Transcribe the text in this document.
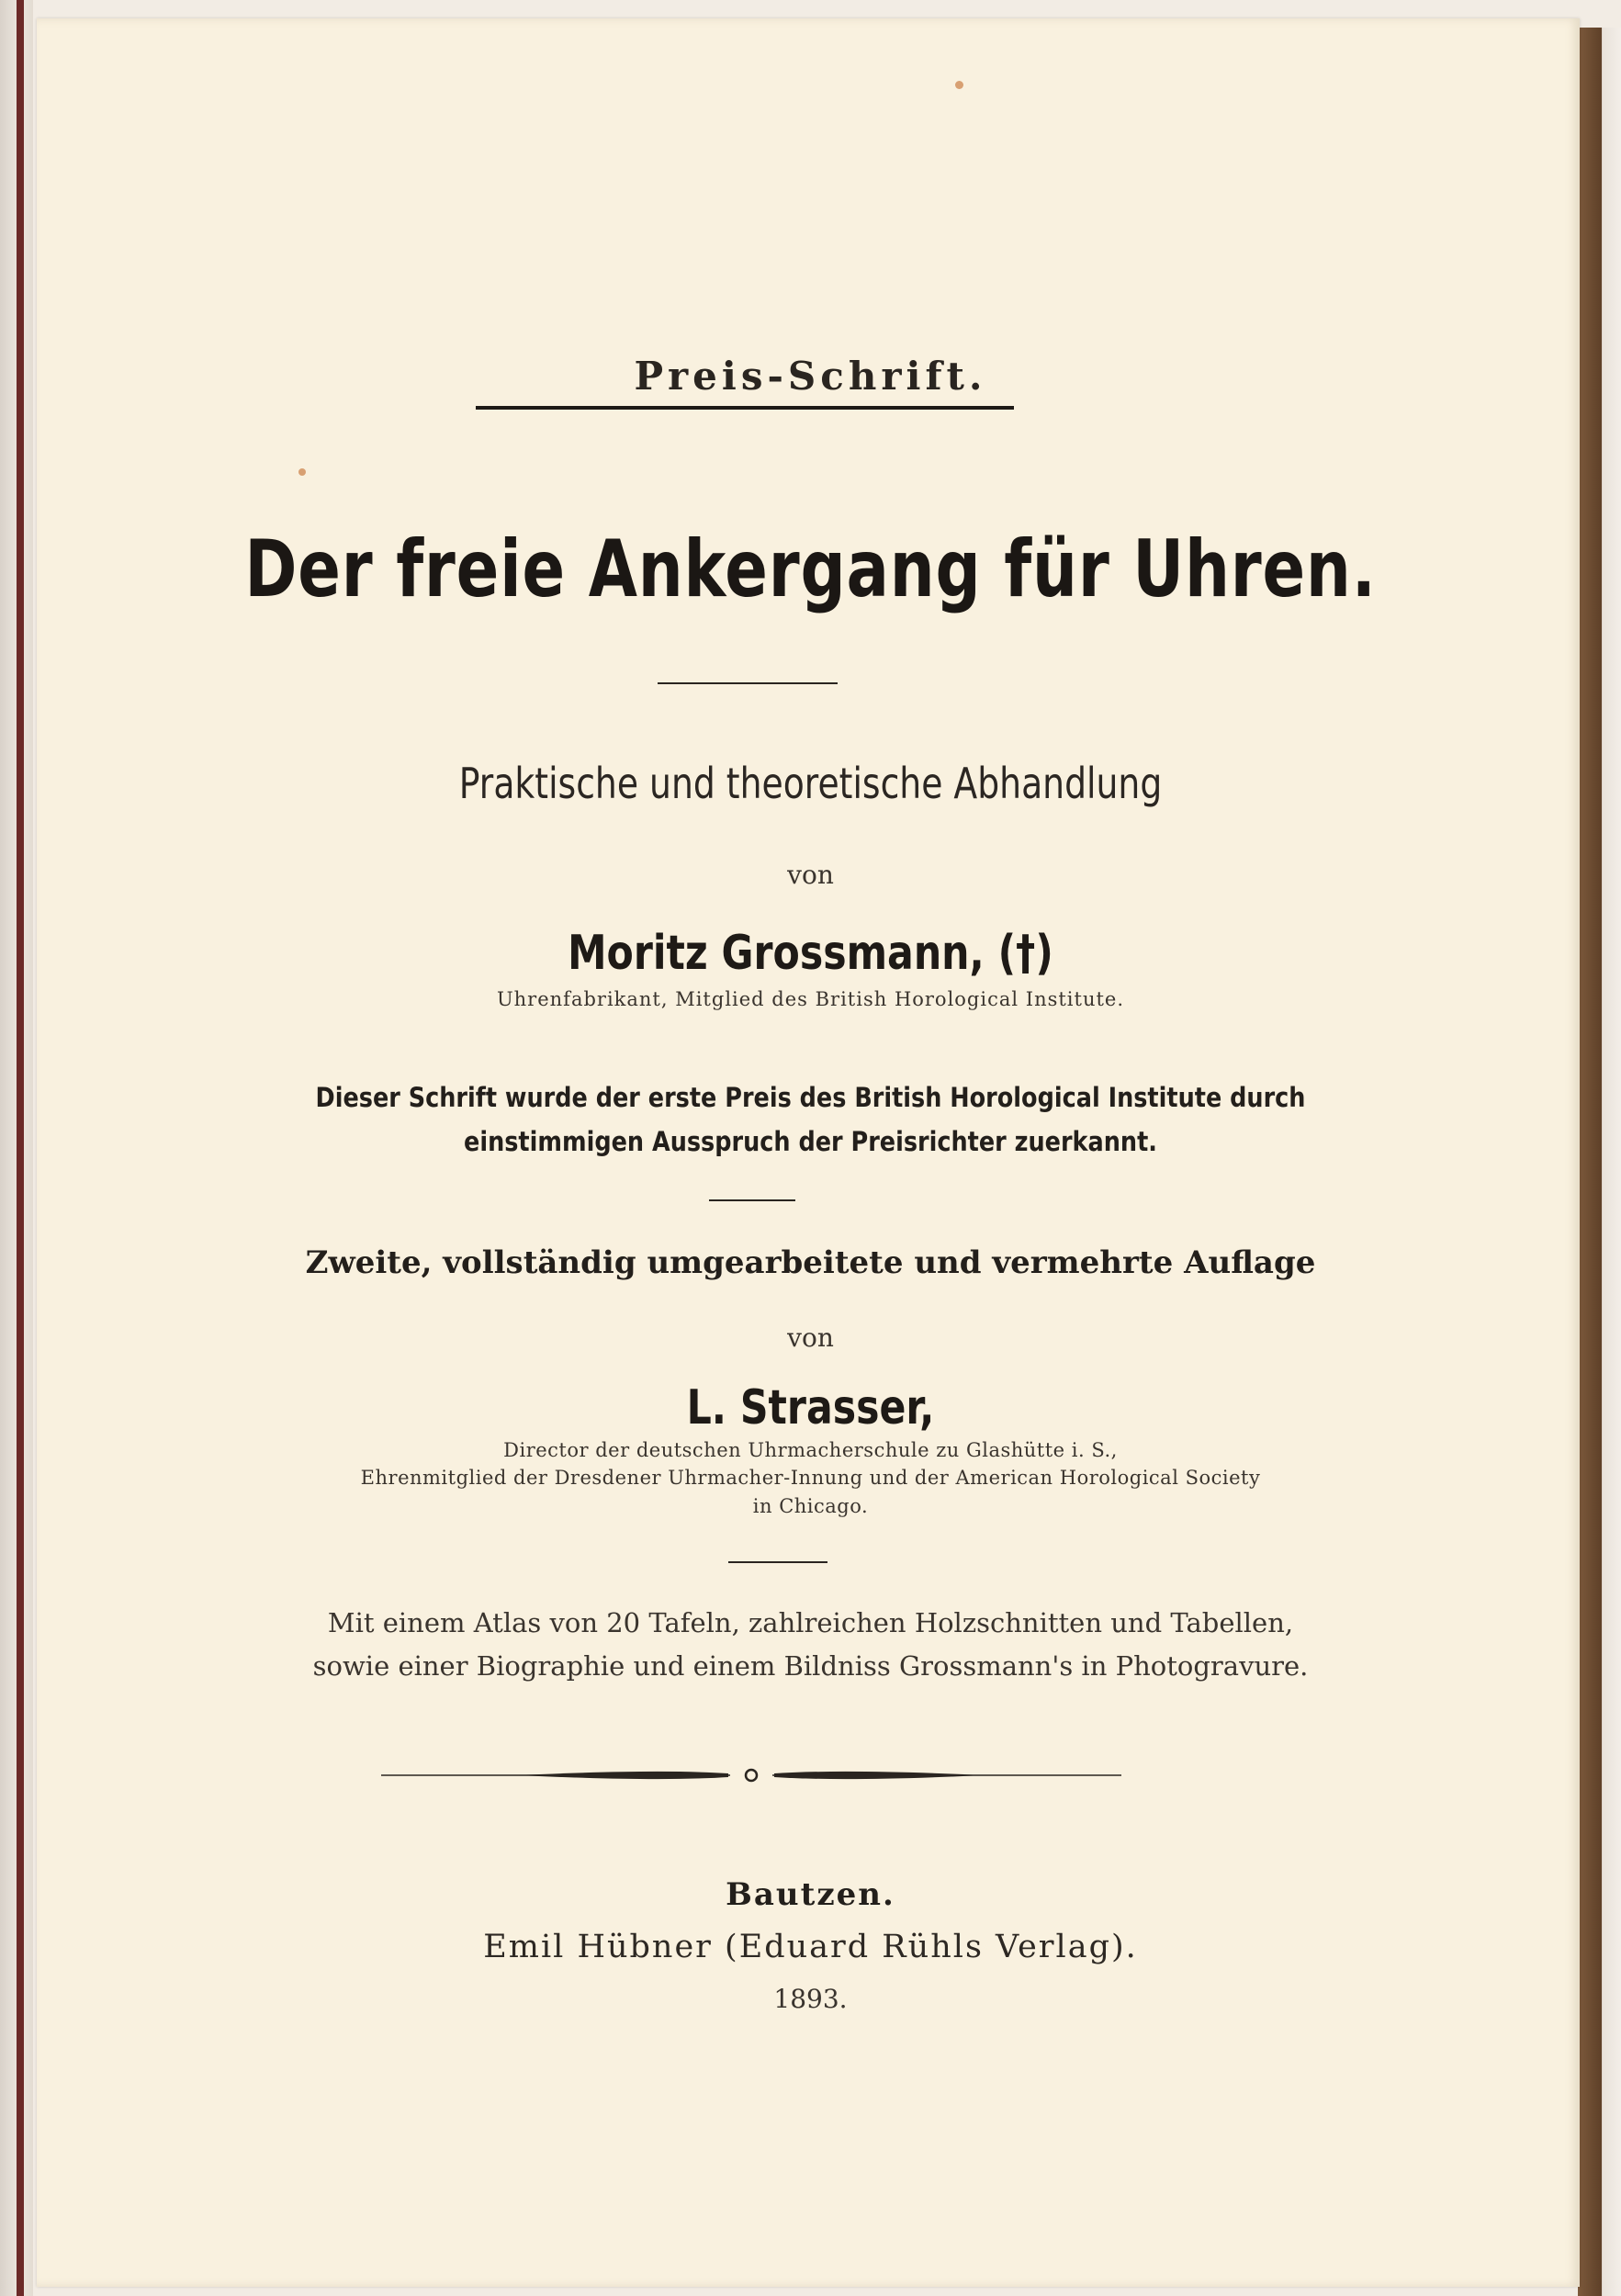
Preis-Schrift.
Der freie Ankergang für Uhren.
Praktische und theoretische Abhandlung
von
Moritz Grossmann, (†)
Uhrenfabrikant, Mitglied des British Horological Institute.
Dieser Schrift wurde der erste Preis des British Horological Institute durch
einstimmigen Ausspruch der Preisrichter zuerkannt.
Zweite, vollständig umgearbeitete und vermehrte Auflage
von
L. Strasser,
Director der deutschen Uhrmacherschule zu Glashütte i. S.,
Ehrenmitglied der Dresdener Uhrmacher-Innung und der American Horological Society
in Chicago.
Mit einem Atlas von 20 Tafeln, zahlreichen Holzschnitten und Tabellen,
sowie einer Biographie und einem Bildniss Grossmann's in Photogravure.
Bautzen.
Emil Hübner (Eduard Rühls Verlag).
1893.
